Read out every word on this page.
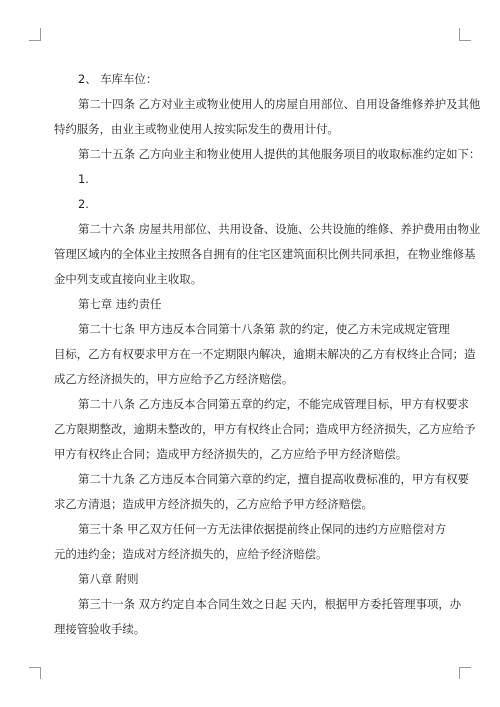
2、 车库车位：
第二十四条 乙方对业主或物业使用人的房屋自用部位、自用设备维修养护及其他
特约服务，由业主或物业使用人按实际发生的费用计付。
第二十五条 乙方向业主和物业使用人提供的其他服务项目的收取标准约定如下：
1.
2.
第二十六条 房屋共用部位、共用设备、设施、公共设施的维修、养护费用由物业
管理区域内的全体业主按照各自拥有的住宅区建筑面积比例共同承担，在物业维修基
金中列支或直接向业主收取。
第七章 违约责任
第二十七条 甲方违反本合同第十八条第 款的约定，使乙方未完成规定管理
目标，乙方有权要求甲方在一不定期限内解决，逾期未解决的乙方有权终止合同；造
成乙方经济损失的，甲方应给予乙方经济赔偿。
第二十八条 乙方违反本合同第五章的约定，不能完成管理目标，甲方有权要求
乙方限期整改，逾期未整改的，甲方有权终止合同；造成甲方经济损失，乙方应给予
甲方有权终止合同；造成甲方经济损失的，乙方应给予甲方经济赔偿。
第二十九条 乙方违反本合同第六章的约定，擅自提高收费标准的，甲方有权要
求乙方清退；造成甲方经济损失的，乙方应给予甲方经济赔偿。
第三十条 甲乙双方任何一方无法律依据提前终止保同的违约方应赔偿对方
元的违约金；造成对方经济损失的，应给予经济赔偿。
第八章 附则
第三十一条 双方约定自本合同生效之日起 天内，根据甲方委托管理事项，办
理接管验收手续。
